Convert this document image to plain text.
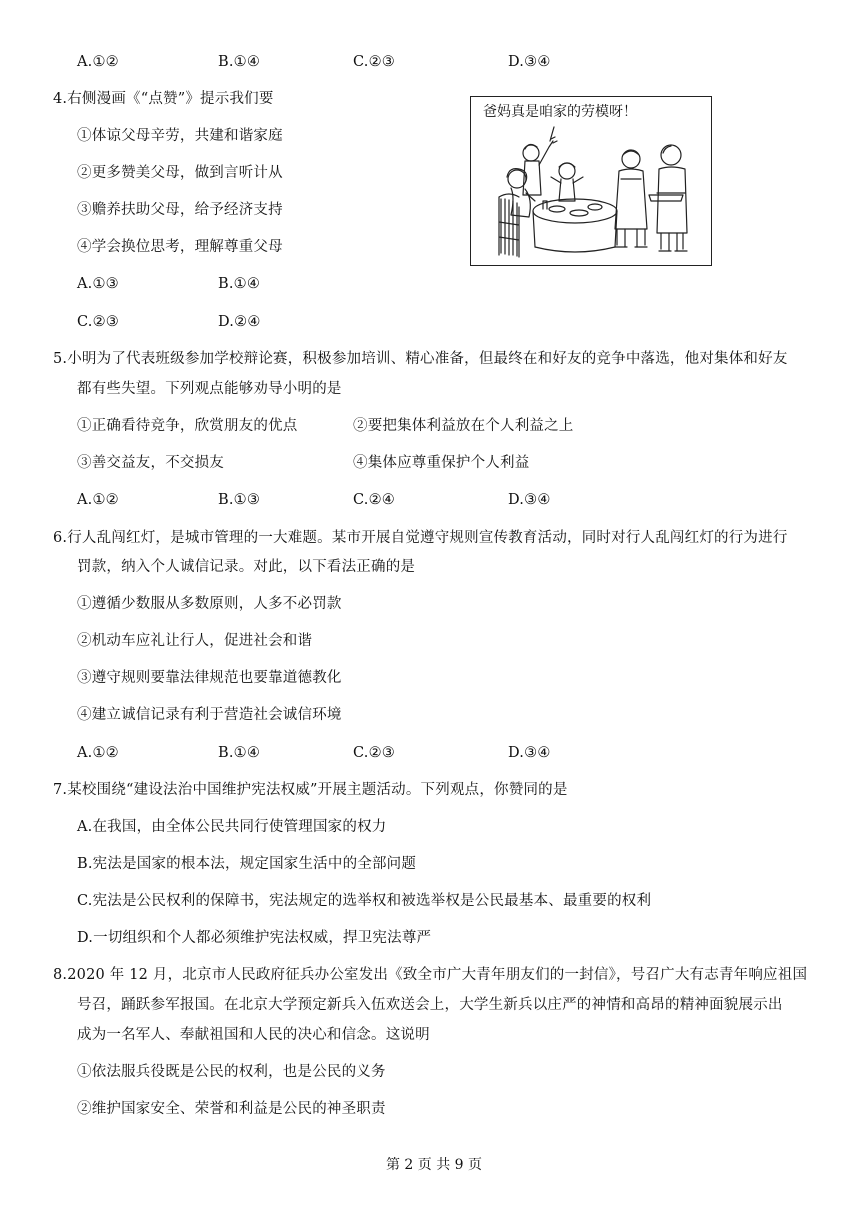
A.①②	B.①④	C.②③	D.③④
4.右侧漫画《“点赞”》提示我们要
①体谅父母辛劳，共建和谐家庭
②更多赞美父母，做到言听计从
③赡养扶助父母，给予经济支持
④学会换位思考，理解尊重父母
A.①③	B.①④
C.②③	D.②④
爸妈真是咱家的劳模呀！
5.小明为了代表班级参加学校辩论赛，积极参加培训、精心准备，但最终在和好友的竞争中落选，他对集体和好友
都有些失望。下列观点能够劝导小明的是
①正确看待竞争，欣赏朋友的优点	②要把集体利益放在个人利益之上
③善交益友，不交损友	④集体应尊重保护个人利益
A.①②	B.①③	C.②④	D.③④
6.行人乱闯红灯，是城市管理的一大难题。某市开展自觉遵守规则宣传教育活动，同时对行人乱闯红灯的行为进行
罚款，纳入个人诚信记录。对此，以下看法正确的是
①遵循少数服从多数原则，人多不必罚款
②机动车应礼让行人，促进社会和谐
③遵守规则要靠法律规范也要靠道德教化
④建立诚信记录有利于营造社会诚信环境
A.①②	B.①④	C.②③	D.③④
7.某校围绕“建设法治中国维护宪法权威”开展主题活动。下列观点，你赞同的是
A.在我国，由全体公民共同行使管理国家的权力
B.宪法是国家的根本法，规定国家生活中的全部问题
C.宪法是公民权利的保障书，宪法规定的选举权和被选举权是公民最基本、最重要的权利
D.一切组织和个人都必须维护宪法权威，捍卫宪法尊严
8.2020 年 12 月，北京市人民政府征兵办公室发出《致全市广大青年朋友们的一封信》，号召广大有志青年响应祖国
号召，踊跃参军报国。在北京大学预定新兵入伍欢送会上，大学生新兵以庄严的神情和高昂的精神面貌展示出
成为一名军人、奉献祖国和人民的决心和信念。这说明
①依法服兵役既是公民的权利，也是公民的义务
②维护国家安全、荣誉和利益是公民的神圣职责
第 2 页 共 9 页
